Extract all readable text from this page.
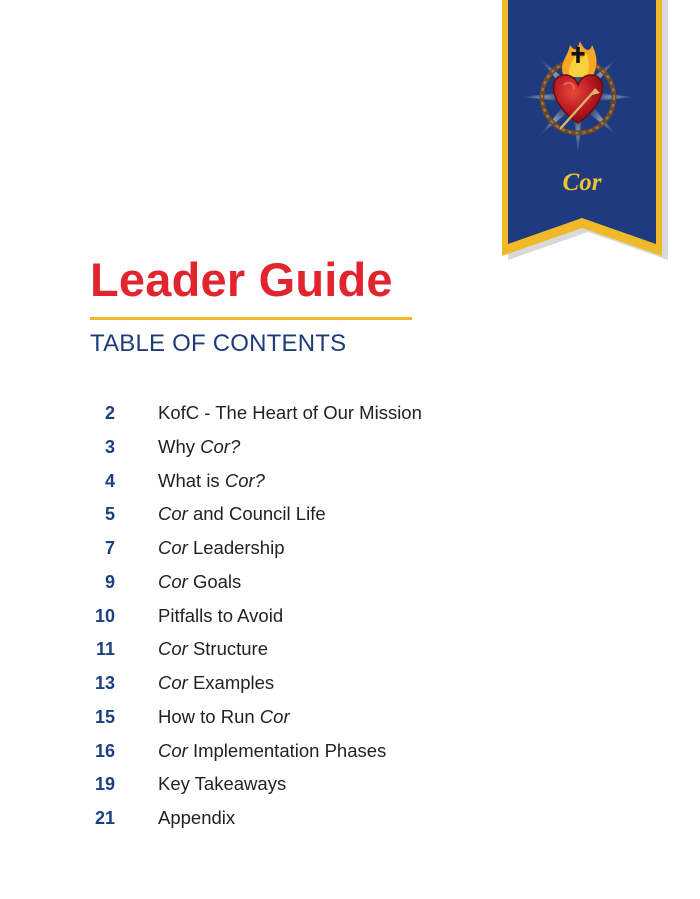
Cor

Leader Guide
TABLE OF CONTENTS
2 KofC - The Heart of Our Mission
3 Why Cor?
4 What is Cor?
5 Cor and Council Life
7 Cor Leadership
9 Cor Goals
10 Pitfalls to Avoid
11 Cor Structure
13 Cor Examples
15 How to Run Cor
16 Cor Implementation Phases
19 Key Takeaways
21 Appendix
